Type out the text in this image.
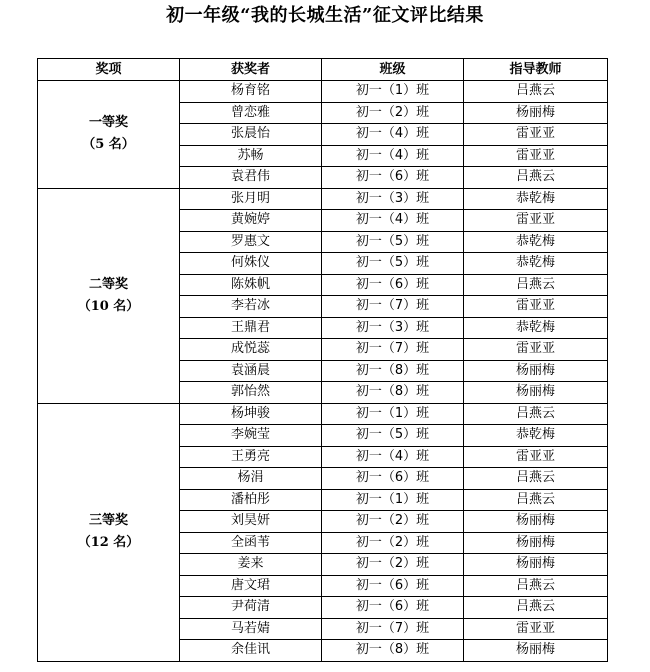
初一年级“我的长城生活”征文评比结果
奖项	获奖者	班级	指导教师

一等奖
（5 名）	杨育铭	初一（1）班	吕燕云
	曾恋雅	初一（2）班	杨丽梅
	张晨怡	初一（4）班	雷亚亚
	苏畅	初一（4）班	雷亚亚
	袁君伟	初一（6）班	吕燕云

二等奖
（10 名）	张月明	初一（3）班	恭乾梅
	黄婉婷	初一（4）班	雷亚亚
	罗惠文	初一（5）班	恭乾梅
	何姝仪	初一（5）班	恭乾梅
	陈姝帆	初一（6）班	吕燕云
	李若冰	初一（7）班	雷亚亚
	王鼎君	初一（3）班	恭乾梅
	成悦蕊	初一（7）班	雷亚亚
	袁涵晨	初一（8）班	杨丽梅
	郭怡然	初一（8）班	杨丽梅

三等奖
（12 名）	杨坤骏	初一（1）班	吕燕云
	李婉莹	初一（5）班	恭乾梅
	王勇亮	初一（4）班	雷亚亚
	杨涓	初一（6）班	吕燕云
	潘柏彤	初一（1）班	吕燕云
	刘昊妍	初一（2）班	杨丽梅
	全函苇	初一（2）班	杨丽梅
	姜来	初一（2）班	杨丽梅
	唐文珺	初一（6）班	吕燕云
	尹荷清	初一（6）班	吕燕云
	马若婧	初一（7）班	雷亚亚
	余佳讯	初一（8）班	杨丽梅
